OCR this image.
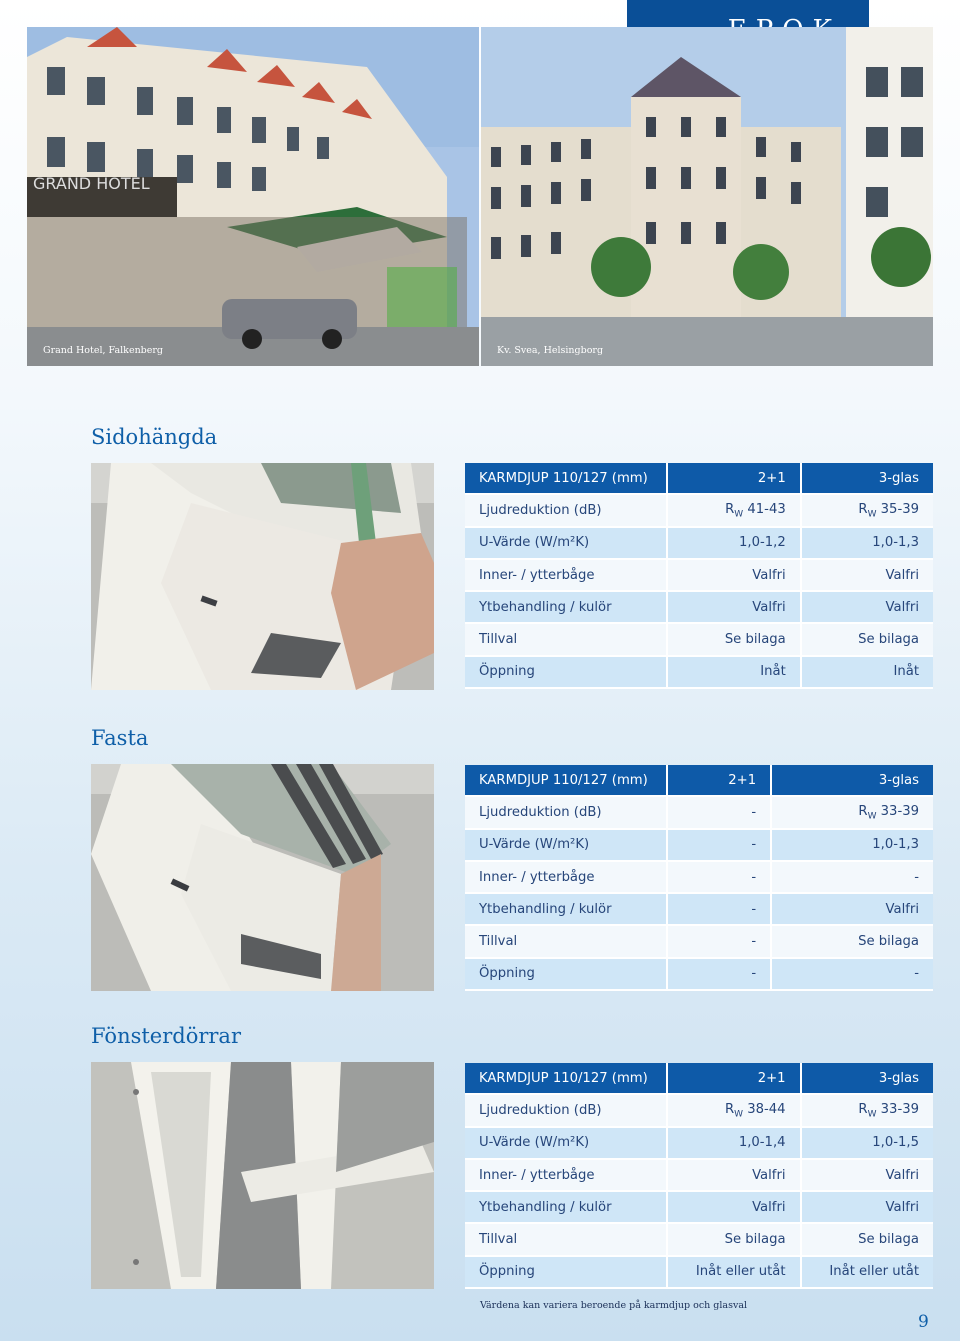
GRAND HOTEL
Grand Hotel, Falkenberg	Kv. Svea, Helsingborg
Sidohängda
KARMDJUP 110/127 (mm)	2+1	3-glas
Ljudreduktion (dB)	$R_W$ 41-43	$R_W$ 35-39
U-Värde (W/m²K)	1,0-1,2	1,0-1,3
Inner- / ytterbåge	Valfri	Valfri
Ytbehandling / kulör	Valfri	Valfri
Tillval	Se bilaga	Se bilaga
Öppning	Inåt	Inåt
Fasta
KARMDJUP 110/127 (mm)	2+1	3-glas
Ljudreduktion (dB)	-	$R_W$ 33-39
U-Värde (W/m²K)	-	1,0-1,3
Inner- / ytterbåge	-	-
Ytbehandling / kulör	-	Valfri
Tillval	-	Se bilaga
Öppning	-	-
Fönsterdörrar
KARMDJUP 110/127 (mm)	2+1	3-glas
Ljudreduktion (dB)	$R_W$ 38-44	$R_W$ 33-39
U-Värde (W/m²K)	1,0-1,4	1,0-1,5
Inner- / ytterbåge	Valfri	Valfri
Ytbehandling / kulör	Valfri	Valfri
Tillval	Se bilaga	Se bilaga
Öppning	Inåt eller utåt	Inåt eller utåt
Värdena kan variera beroende på karmdjup och glasval
9
